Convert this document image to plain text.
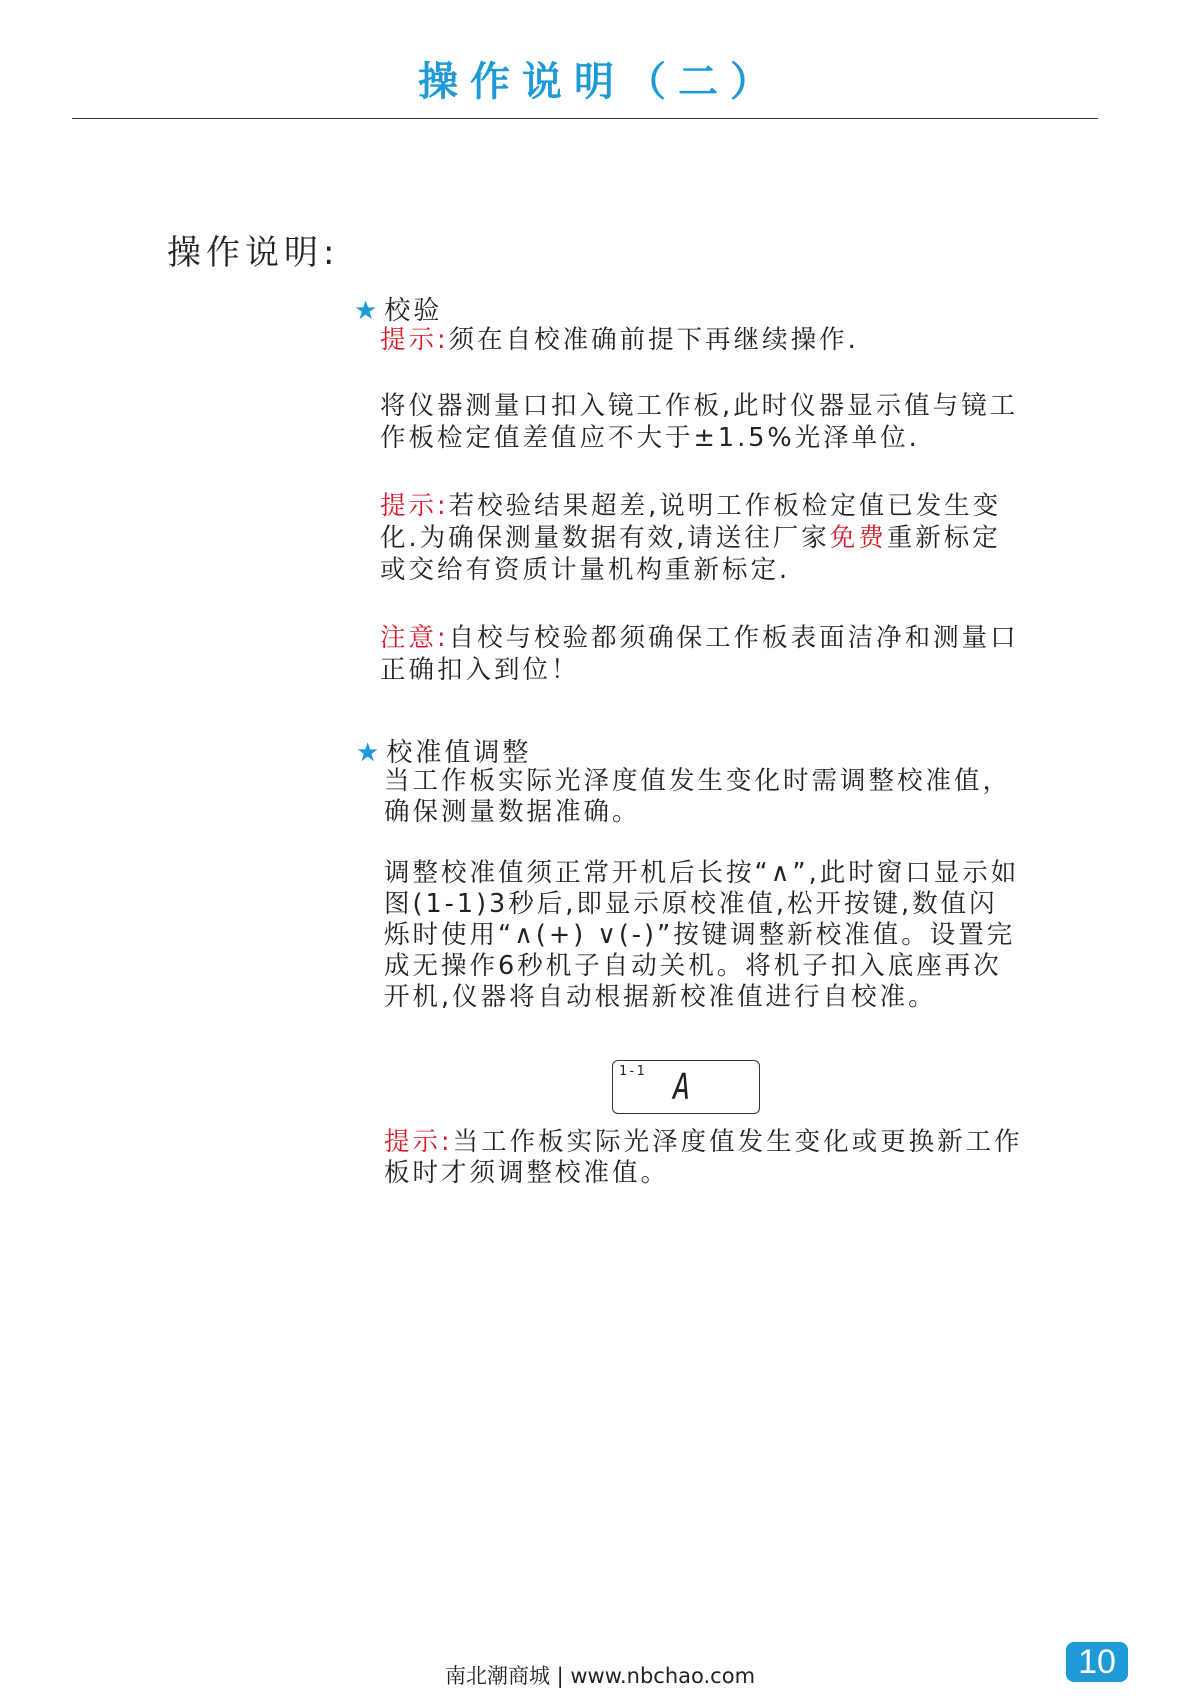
操作说明（二）
操作说明:
★ 校验

提示:须在自校准确前提下再继续操作.

将仪器测量口扣入镜工作板,此时仪器显示值与镜工作板检定值差值应不大于±1.5%光泽单位.

提示:若校验结果超差,说明工作板检定值已发生变化.为确保测量数据有效,请送往厂家免费重新标定或交给有资质计量机构重新标定.

注意:自校与校验都须确保工作板表面洁净和测量口正确扣入到位！

★ 校准值调整

当工作板实际光泽度值发生变化时需调整校准值，确保测量数据准确。

调整校准值须正常开机后长按“∧”,此时窗口显示如图(1-1)3秒后,即显示原校准值,松开按键,数值闪烁时使用“∧(+) ∨(-)”按键调整新校准值。设置完成无操作6秒机子自动关机。将机子扣入底座再次开机,仪器将自动根据新校准值进行自校准。

1-1 A

提示:当工作板实际光泽度值发生变化或更换新工作板时才须调整校准值。

南北潮商城 | www.nbchao.com	10
